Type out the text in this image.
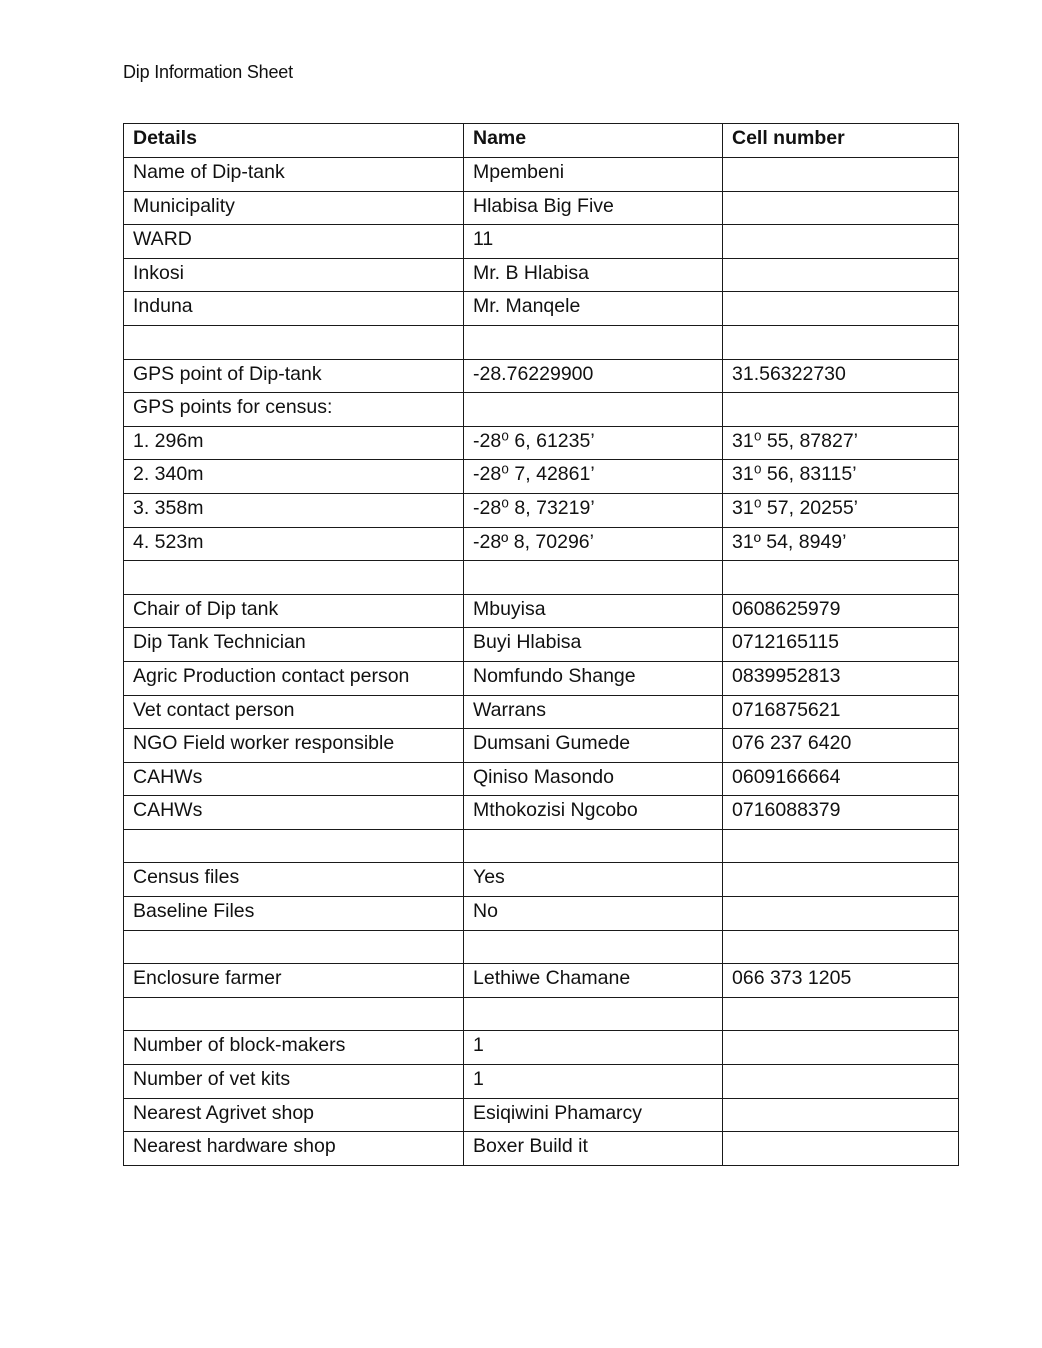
Dip Information Sheet
Details	Name	Cell number
Name of Dip-tank	Mpembeni	
Municipality	Hlabisa Big Five	
WARD	11	
Inkosi	Mr. B Hlabisa	
Induna	Mr. Manqele	

GPS point of Dip-tank	-28.76229900	31.56322730
GPS points for census:		
1. 296m	-28⁰ 6, 61235’	31⁰ 55, 87827’
2. 340m	-28⁰ 7, 42861’	31⁰ 56, 83115’
3. 358m	-28⁰ 8, 73219’	31⁰ 57, 20255’
4. 523m	-28º 8, 70296’	31º 54, 8949’

Chair of Dip tank	Mbuyisa	0608625979
Dip Tank Technician	Buyi Hlabisa	0712165115
Agric Production contact person	Nomfundo Shange	0839952813
Vet contact person	Warrans	0716875621
NGO Field worker responsible	Dumsani Gumede	076 237 6420
CAHWs	Qiniso Masondo	0609166664
CAHWs	Mthokozisi Ngcobo	0716088379

Census files	Yes	
Baseline Files	No	

Enclosure farmer	Lethiwe Chamane	066 373 1205

Number of block-makers	1	
Number of vet kits	1	
Nearest Agrivet shop	Esiqiwini Phamarcy	
Nearest hardware shop	Boxer Build it	
